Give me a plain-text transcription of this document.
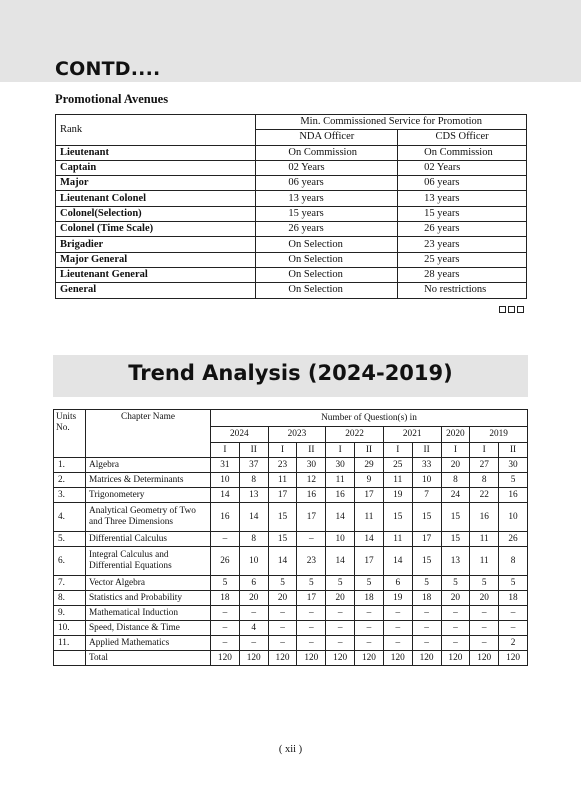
CONTD....
Promotional Avenues
Rank	Min. Commissioned Service for Promotion	
	NDA Officer	CDS Officer
Lieutenant	On Commission	On Commission
Captain	02 Years	02 Years
Major	06 years	06 years
Lieutenant Colonel	13 years	13 years
Colonel(Selection)	15 years	15 years
Colonel (Time Scale)	26 years	26 years
Brigadier	On Selection	23 years
Major General	On Selection	25 years
Lieutenant General	On Selection	28 years
General	On Selection	No restrictions
Trend Analysis (2024-2019)
Units
No.	Chapter Name	Number of Question(s) in										
		2024		2023		2022		2021		2020	2019	
		I	II	I	II	I	II	I	II	I	I	II
1.	Algebra	31	37	23	30	30	29	25	33	20	27	30
2.	Matrices & Determinants	10	8	11	12	11	9	11	10	8	8	5
3.	Trigonometery	14	13	17	16	16	17	19	7	24	22	16
4.	Analytical Geometry of Two and Three Dimensions	16	14	15	17	14	11	15	15	15	16	10
5.	Differential Calculus	–	8	15	–	10	14	11	17	15	11	26
6.	Integral Calculus and Differential Equations	26	10	14	23	14	17	14	15	13	11	8
7.	Vector Algebra	5	6	5	5	5	5	6	5	5	5	5
8.	Statistics and Probability	18	20	20	17	20	18	19	18	20	20	18
9.	Mathematical Induction	–	–	–	–	–	–	–	–	–	–	–
10.	Speed, Distance & Time	–	4	–	–	–	–	–	–	–	–	–
11.	Applied Mathematics	–	–	–	–	–	–	–	–	–	–	2
	Total	120	120	120	120	120	120	120	120	120	120	120
( xii )
